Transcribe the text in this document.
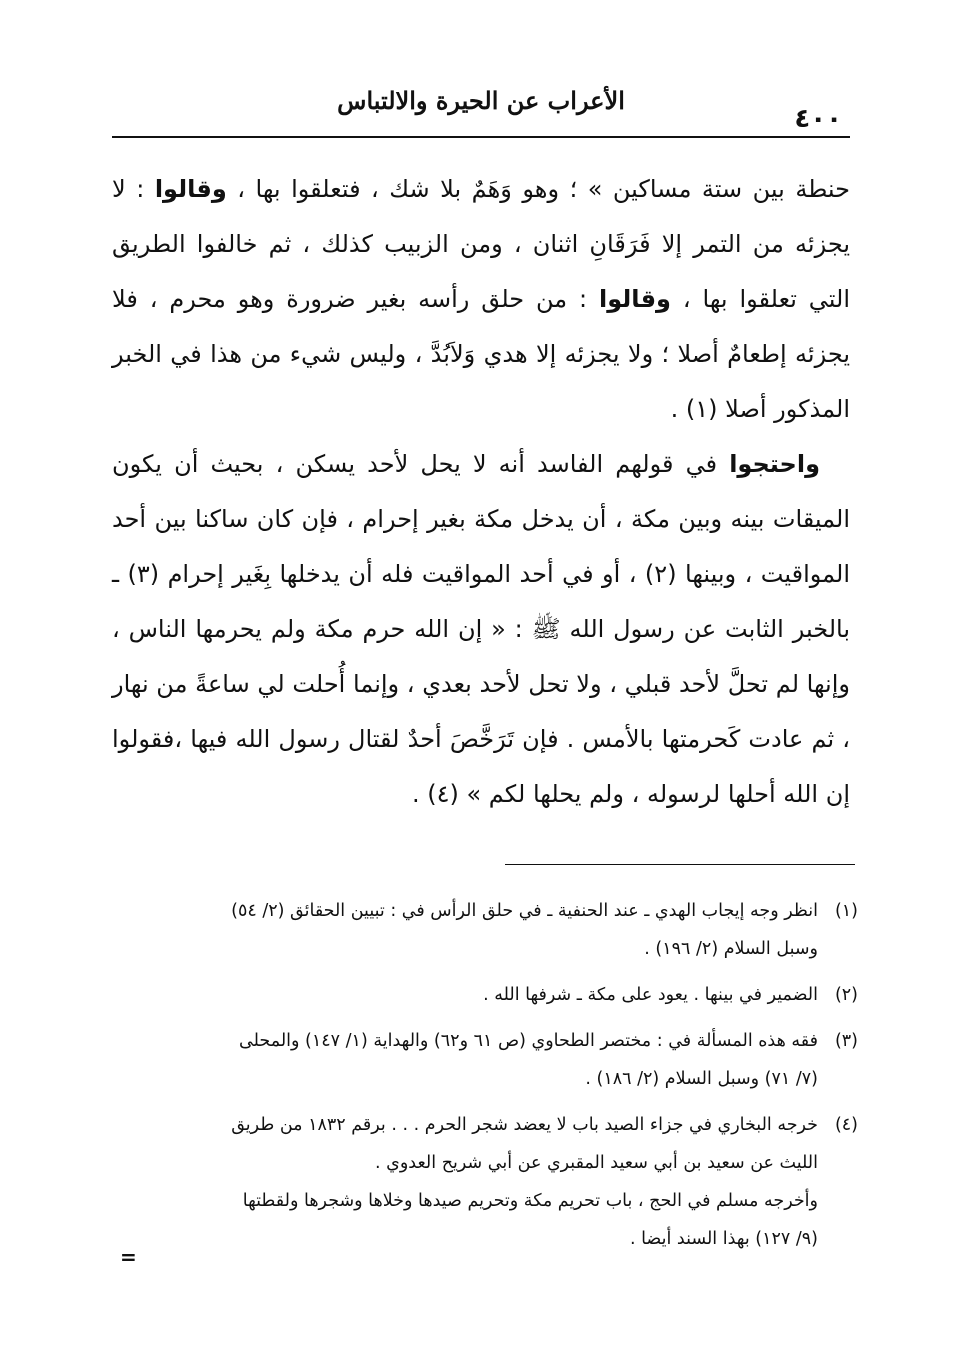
٤٠٠
الأعراب عن الحيرة والالتباس

حنطة بين ستة مساكين » ؛ وهو وَهَمٌ بلا شك ، فتعلقوا بها ، وقالوا : لا يجزئه من التمر إلا فَرَقَانِ اثنان ، ومن الزبيب كذلك ، ثم خالفوا الطريق التي تعلقوا بها ، وقالوا : من حلق رأسه بغير ضرورة وهو محرم ، فلا يجزئه إطعامٌ أصلا ؛ ولا يجزئه إلا هدي وَلاَبُدَّ ، وليس شيء من هذا في الخبر المذكور أصلا (١) .

واحتجوا في قولهم الفاسد أنه لا يحل لأحد يسكن ، بحيث أن يكون الميقات بينه وبين مكة ، أن يدخل مكة بغير إحرام ، فإن كان ساكنا بين أحد المواقيت ، وبينها (٢) ، أو في أحد المواقيت فله أن يدخلها بِغَير إحرام (٣) ـ بالخبر الثابت عن رسول الله ﷺ : « إن الله حرم مكة ولم يحرمها الناس ، وإنها لم تحلَّ لأحد قبلي ، ولا تحل لأحد بعدي ، وإنما أُحلت لي ساعةً من نهار ، ثم عادت كَحرمتها بالأمس . فإن تَرَخَّصَ أحدٌ لقتال رسول الله فيها ،فقولوا إن الله أحلها لرسوله ، ولم يحلها لكم » (٤) .

(١)
انظر وجه إيجاب الهدي ـ عند الحنفية ـ في حلق الرأس في : تبيين الحقائق (٢/ ٥٤)
وسبل السلام (٢/ ١٩٦) .
(٢)
الضمير في بينها . يعود على مكة ـ شرفها الله .
(٣)
فقه هذه المسألة في : مختصر الطحاوي (ص ٦١ و٦٢) والهداية (١/ ١٤٧) والمحلى
(٧/ ٧١) وسبل السلام (٢/ ١٨٦) .
(٤)
خرجه البخاري في جزاء الصيد باب لا يعضد شجر الحرم . . . برقم ١٨٣٢ من طريق
الليث عن سعيد بن أبي سعيد المقبري عن أبي شريح العدوي .
وأخرجه مسلم في الحج ، باب تحريم مكة وتحريم صيدها وخلاها وشجرها ولقطتها
(٩/ ١٢٧) بهذا السند أيضا .
=
